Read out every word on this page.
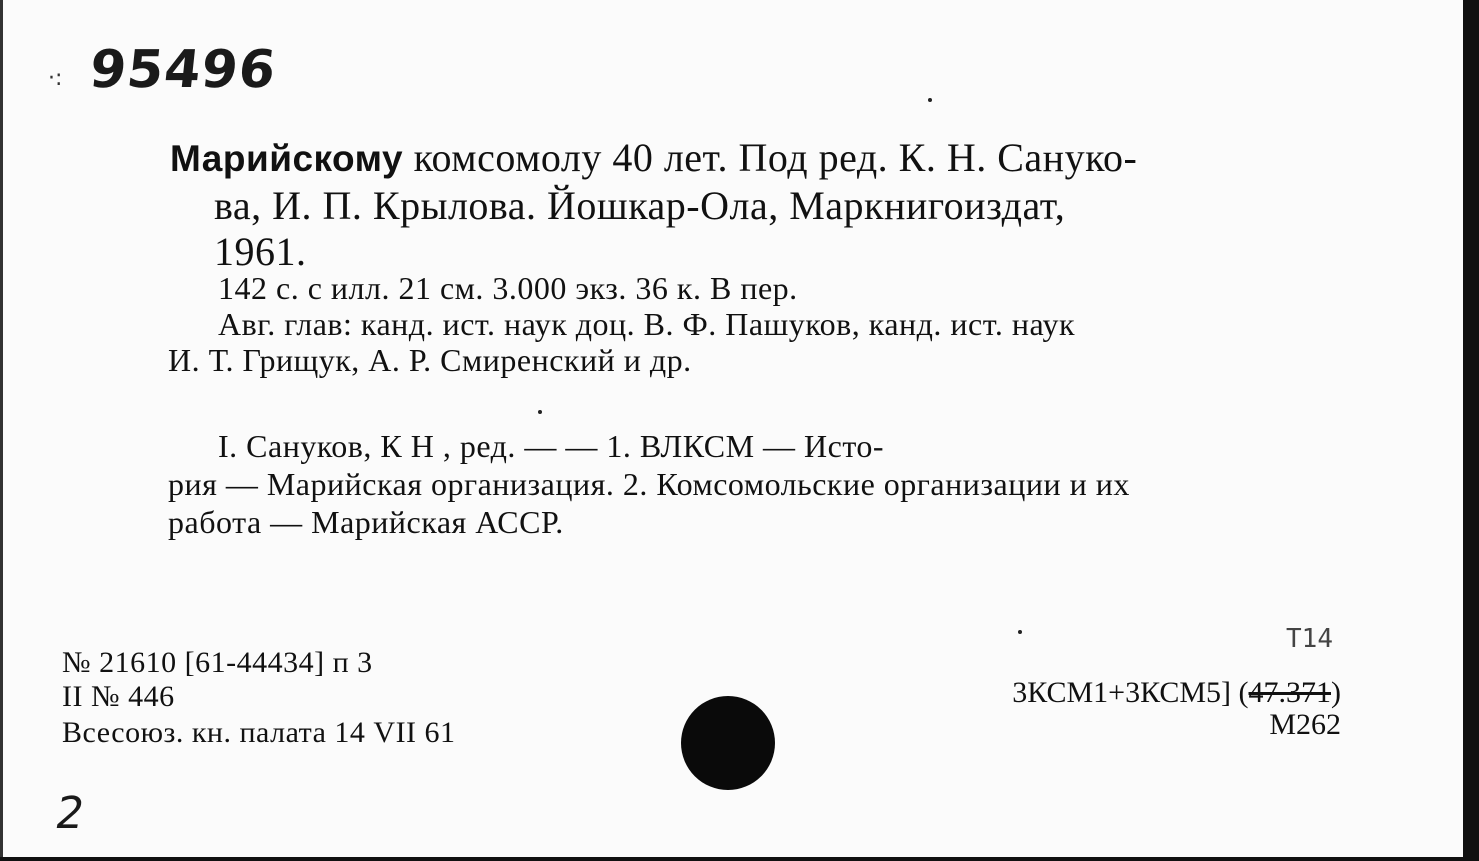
·: 95496
Марийскому комсомолу 40 лет. Под ред. К. Н. Сануко-
ва, И. П. Крылова. Йошкар-Ола, Маркнигоиздат,
1961.
142 с. с илл. 21 см. 3.000 экз. 36 к. В пер.
Авг. глав: канд. ист. наук доц. В. Ф. Пашуков, канд. ист. наук
И. Т. Грищук, А. Р. Смиренский и др.
I. Сануков, К Н , ред. — — 1. ВЛКСМ — Исто-
рия — Марийская организация. 2. Комсомольские организации и их
работа — Марийская АССР.
№ 21610 [61-44434] п 3
II № 446
Всесоюз. кн. палата 14 VII 61
Т14
3КСМ1+3КСМ5] (47.371)
М262
2
